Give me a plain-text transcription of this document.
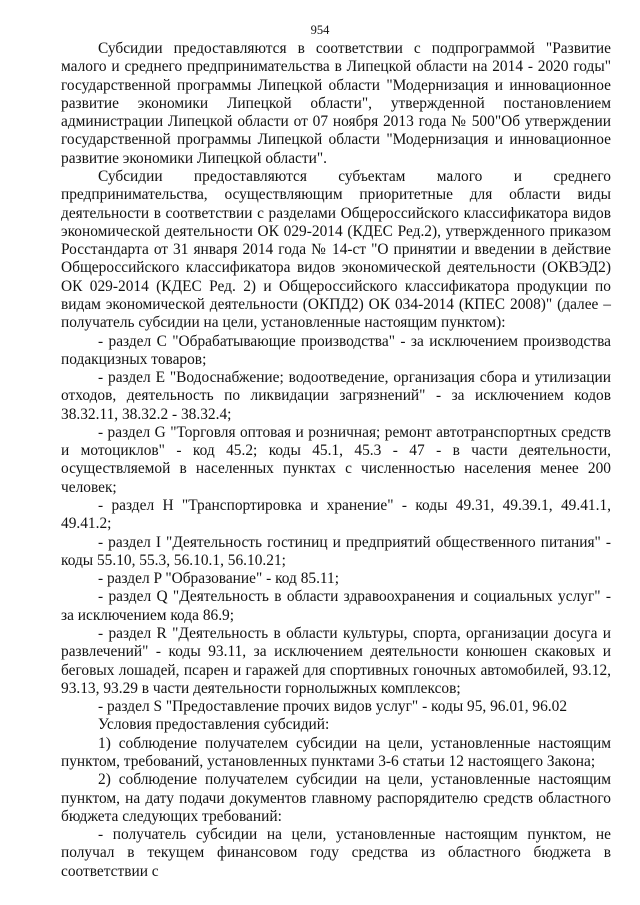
954

Субсидии предоставляются в соответствии с подпрограммой "Развитие малого и среднего предпринимательства в Липецкой области на 2014 - 2020 годы" государственной программы Липецкой области "Модернизация и инновационное развитие экономики Липецкой области", утвержденной постановлением администрации Липецкой области от 07 ноября 2013 года № 500"Об утверждении государственной программы Липецкой области "Модернизация и инновационное развитие экономики Липецкой области".

Субсидии предоставляются субъектам малого и среднего предпринимательства, осуществляющим приоритетные для области виды деятельности в соответствии с разделами Общероссийского классификатора видов экономической деятельности ОК 029-2014 (КДЕС Ред.2), утвержденного приказом Росстандарта от 31 января 2014 года № 14-ст "О принятии и введении в действие Общероссийского классификатора видов экономической деятельности (ОКВЭД2) ОК 029-2014 (КДЕС Ред. 2) и Общероссийского классификатора продукции по видам экономической деятельности (ОКПД2) ОК 034-2014 (КПЕС 2008)" (далее – получатель субсидии на цели, установленные настоящим пунктом):

- раздел C "Обрабатывающие производства" - за исключением производства подакцизных товаров;

- раздел E "Водоснабжение; водоотведение, организация сбора и утилизации отходов, деятельность по ликвидации загрязнений" - за исключением кодов 38.32.11, 38.32.2 - 38.32.4;

- раздел G "Торговля оптовая и розничная; ремонт автотранспортных средств и мотоциклов" - код 45.2; коды 45.1, 45.3 - 47 - в части деятельности, осуществляемой в населенных пунктах с численностью населения менее 200 человек;

- раздел H "Транспортировка и хранение" - коды 49.31, 49.39.1, 49.41.1, 49.41.2;

- раздел I "Деятельность гостиниц и предприятий общественного питания" - коды 55.10, 55.3, 56.10.1, 56.10.21;

- раздел P "Образование" - код 85.11;

- раздел Q "Деятельность в области здравоохранения и социальных услуг" - за исключением кода 86.9;

- раздел R "Деятельность в области культуры, спорта, организации досуга и развлечений" - коды 93.11, за исключением деятельности конюшен скаковых и беговых лошадей, псарен и гаражей для спортивных гоночных автомобилей, 93.12, 93.13, 93.29 в части деятельности горнолыжных комплексов;

- раздел S "Предоставление прочих видов услуг" - коды 95, 96.01, 96.02

Условия предоставления субсидий:

1) соблюдение получателем субсидии на цели, установленные настоящим пунктом, требований, установленных пунктами 3-6 статьи 12 настоящего Закона;

2) соблюдение получателем субсидии на цели, установленные настоящим пунктом, на дату подачи документов главному распорядителю средств областного бюджета следующих требований:

- получатель субсидии на цели, установленные настоящим пунктом, не получал в текущем финансовом году средства из областного бюджета в соответствии с
